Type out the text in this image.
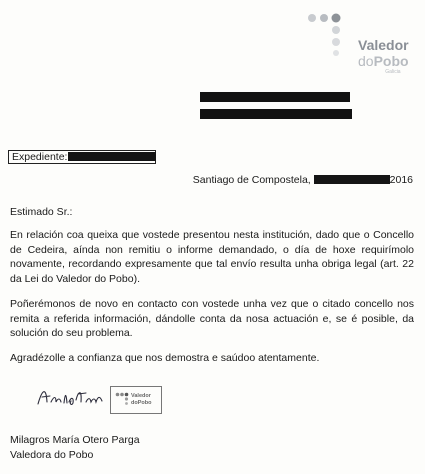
Valedor
doPobo
Galicia
Expediente:
Santiago de Compostela,	2016
Estimado Sr.:
En relación coa queixa que vostede presentou nesta institución, dado que o Concello de Cedeira, aínda non remitiu o informe demandado, o día de hoxe requirímolo novamente, recordando expresamente que tal envío resulta unha obriga legal (art. 22 da Lei do Valedor do Pobo).
Poñerémonos de novo en contacto con vostede unha vez que o citado concello nos remita a referida información, dándolle conta da nosa actuación e, se é posible, da solución do seu problema.
Agradézolle a confianza que nos demostra e saúdoo atentamente.
Valedor
doPobo
Milagros María Otero Parga
Valedora do Pobo
